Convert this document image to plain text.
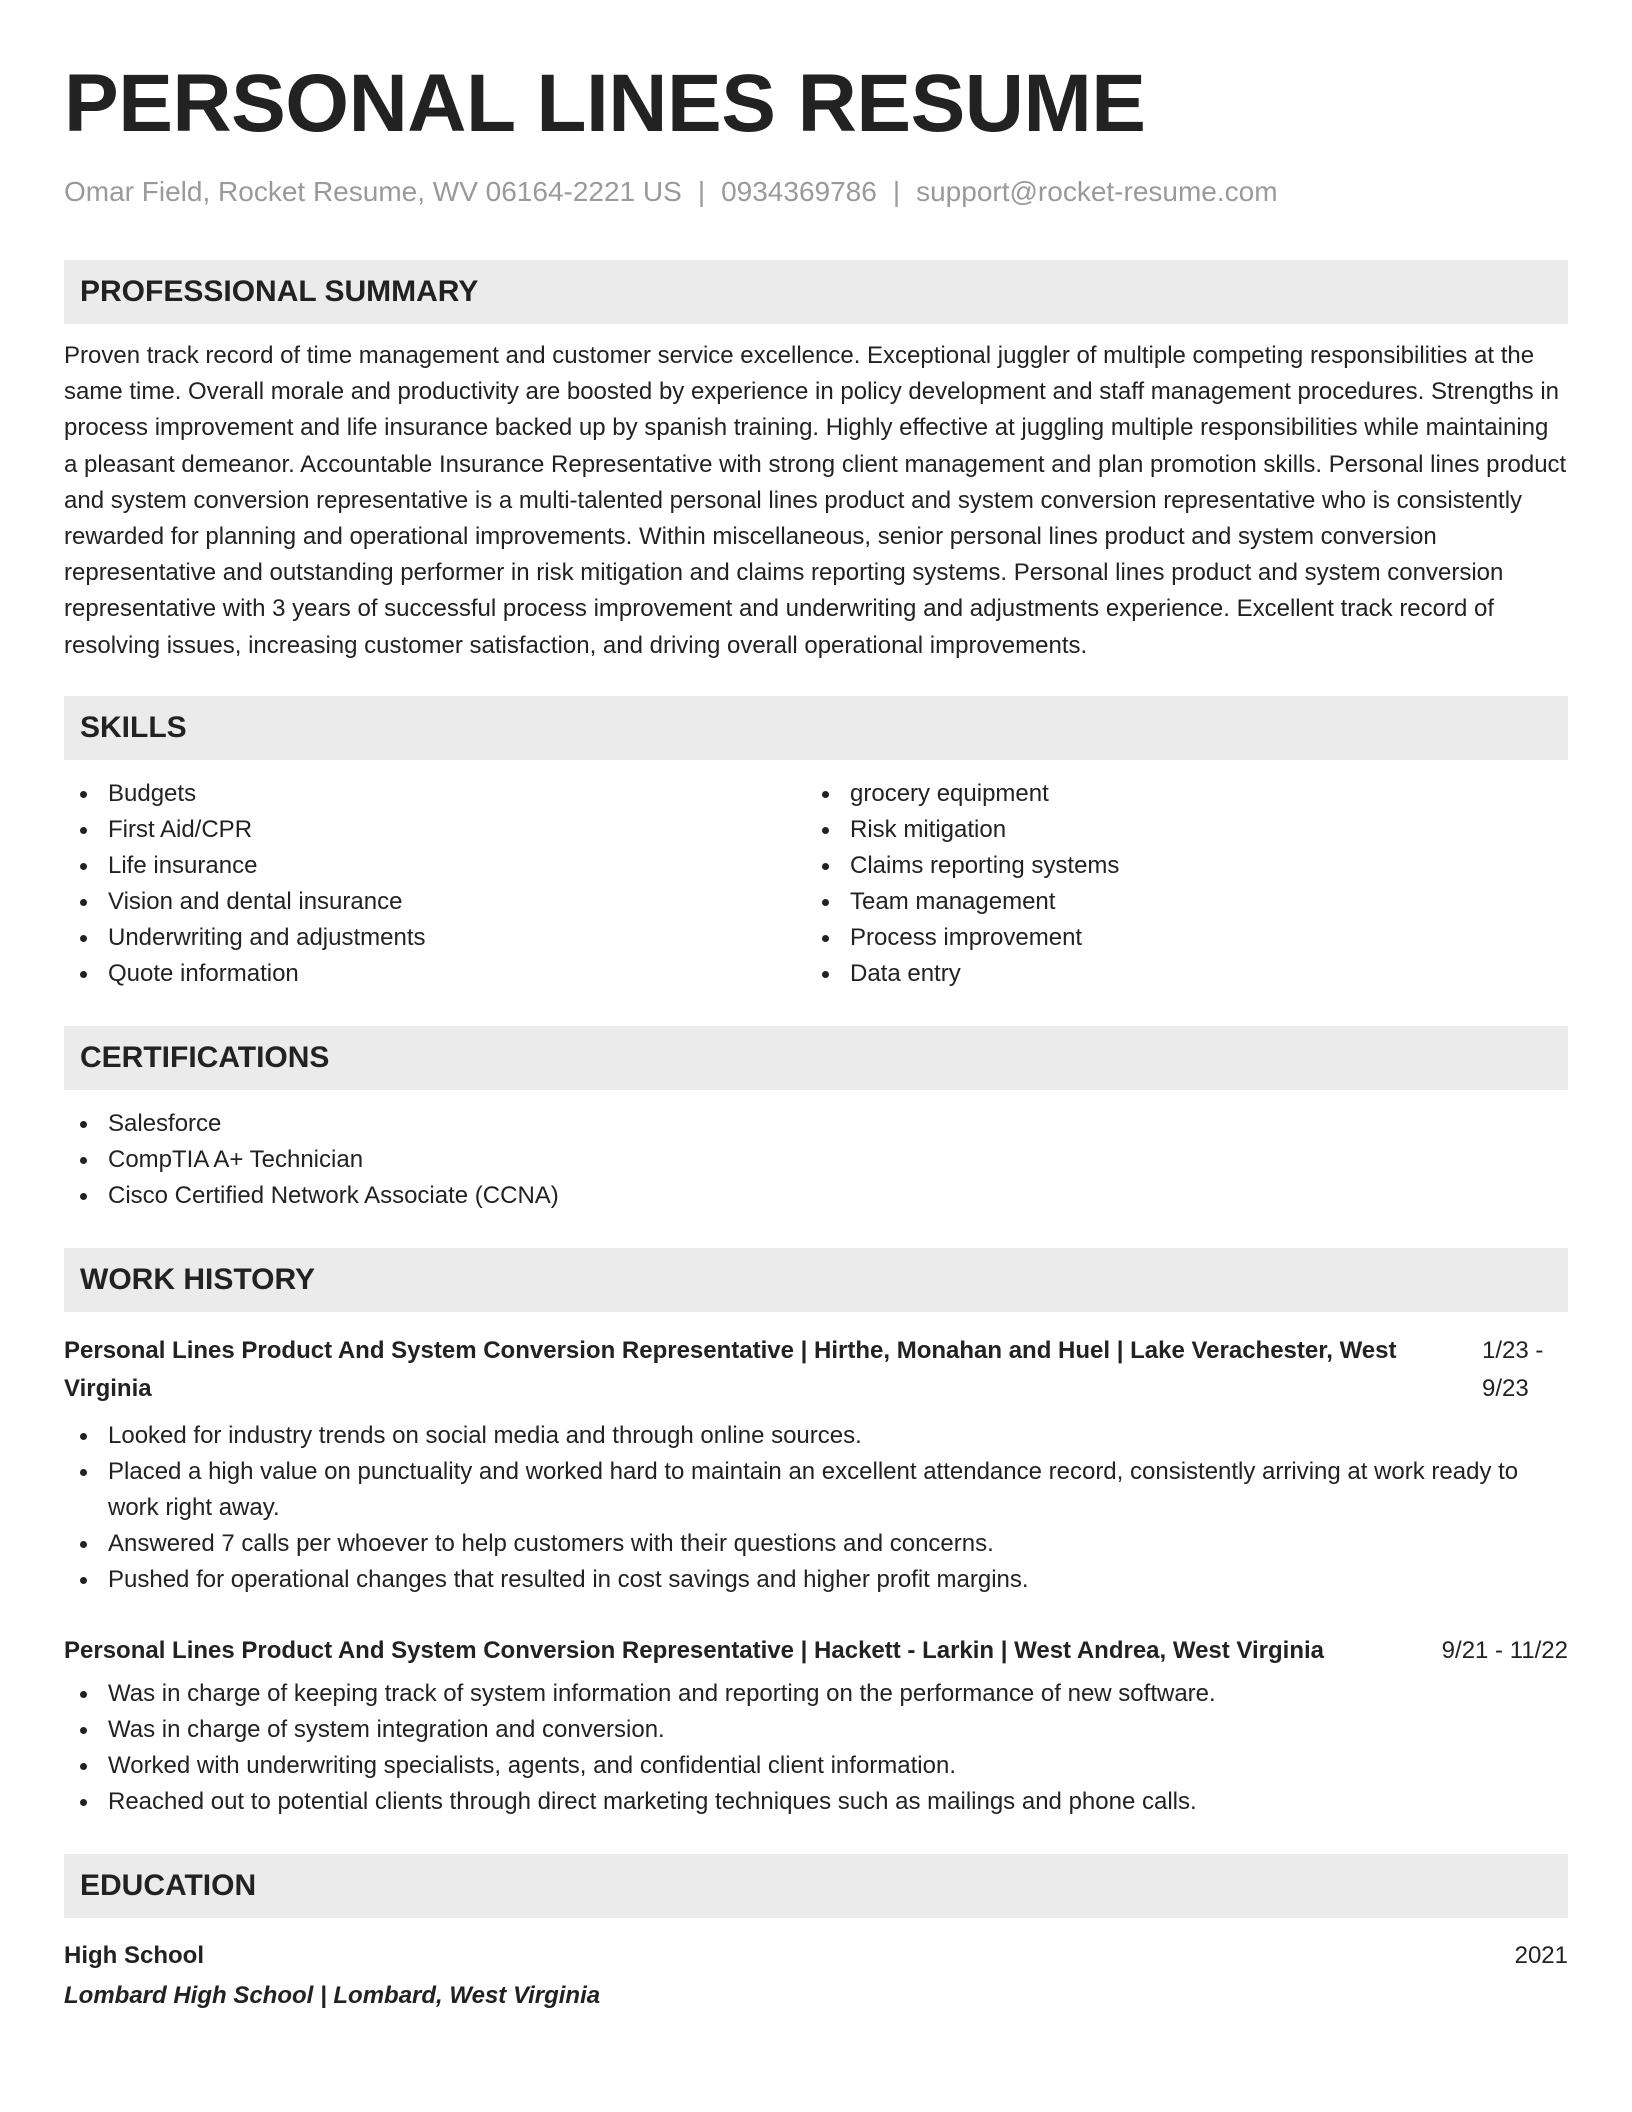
PERSONAL LINES RESUME
Omar Field, Rocket Resume, WV 06164-2221 US | 0934369786 | support@rocket-resume.com
PROFESSIONAL SUMMARY
Proven track record of time management and customer service excellence. Exceptional juggler of multiple competing responsibilities at the same time. Overall morale and productivity are boosted by experience in policy development and staff management procedures. Strengths in process improvement and life insurance backed up by spanish training. Highly effective at juggling multiple responsibilities while maintaining a pleasant demeanor. Accountable Insurance Representative with strong client management and plan promotion skills. Personal lines product and system conversion representative is a multi-talented personal lines product and system conversion representative who is consistently rewarded for planning and operational improvements. Within miscellaneous, senior personal lines product and system conversion representative and outstanding performer in risk mitigation and claims reporting systems. Personal lines product and system conversion representative with 3 years of successful process improvement and underwriting and adjustments experience. Excellent track record of resolving issues, increasing customer satisfaction, and driving overall operational improvements.
SKILLS
Budgets
First Aid/CPR
Life insurance
Vision and dental insurance
Underwriting and adjustments
Quote information
grocery equipment
Risk mitigation
Claims reporting systems
Team management
Process improvement
Data entry
CERTIFICATIONS
Salesforce
CompTIA A+ Technician
Cisco Certified Network Associate (CCNA)
WORK HISTORY
Personal Lines Product And System Conversion Representative | Hirthe, Monahan and Huel | Lake Verachester, West Virginia
1/23 - 9/23
Looked for industry trends on social media and through online sources.
Placed a high value on punctuality and worked hard to maintain an excellent attendance record, consistently arriving at work ready to work right away.
Answered 7 calls per whoever to help customers with their questions and concerns.
Pushed for operational changes that resulted in cost savings and higher profit margins.
Personal Lines Product And System Conversion Representative | Hackett - Larkin | West Andrea, West Virginia	9/21 - 11/22
Was in charge of keeping track of system information and reporting on the performance of new software.
Was in charge of system integration and conversion.
Worked with underwriting specialists, agents, and confidential client information.
Reached out to potential clients through direct marketing techniques such as mailings and phone calls.
EDUCATION
High School	2021
Lombard High School | Lombard, West Virginia
